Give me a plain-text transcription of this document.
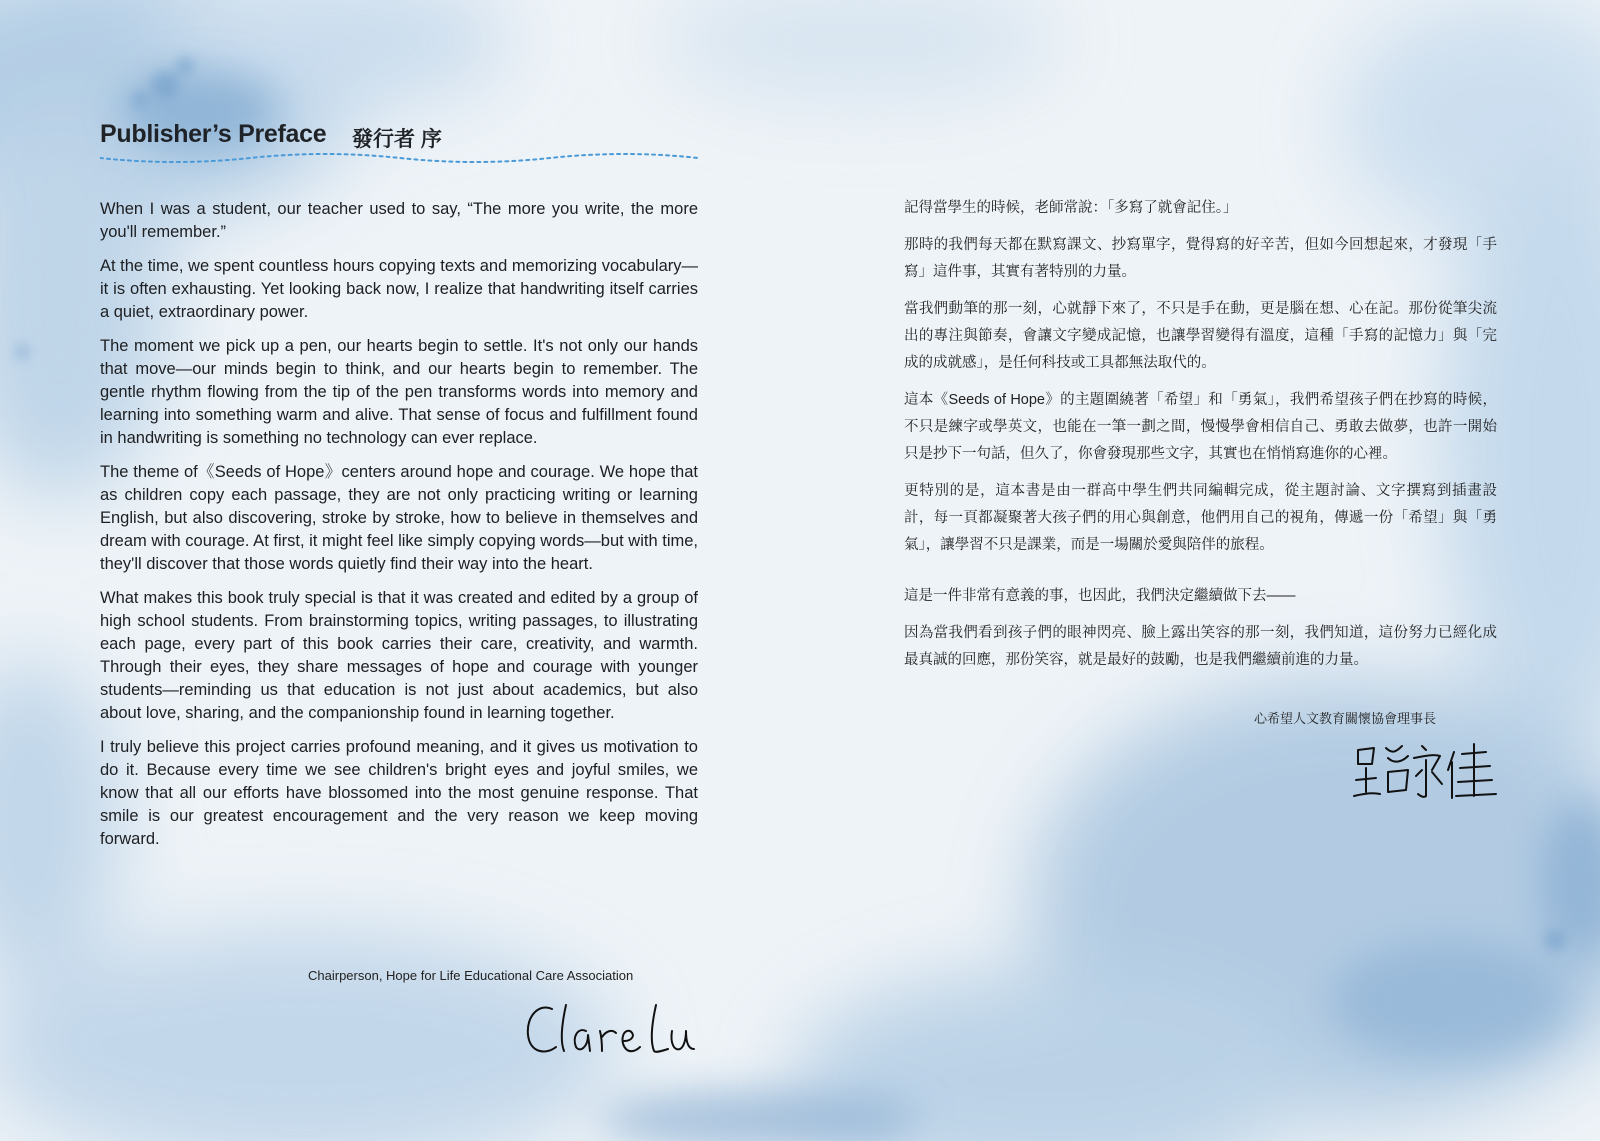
Publisher’s Preface 發行者 序

When I was a student, our teacher used to say, “The more you write, the more you'll remember.”

At the time, we spent countless hours copying texts and memorizing vocabulary—it is often exhausting. Yet looking back now, I realize that handwriting itself carries a quiet, extraordinary power.

The moment we pick up a pen, our hearts begin to settle. It's not only our hands that move—our minds begin to think, and our hearts begin to remember. The gentle rhythm flowing from the tip of the pen transforms words into memory and learning into something warm and alive. That sense of focus and fulfillment found in handwriting is something no technology can ever replace.

The theme of《Seeds of Hope》centers around hope and courage. We hope that as children copy each passage, they are not only practicing writing or learning English, but also discovering, stroke by stroke, how to believe in themselves and dream with courage. At first, it might feel like simply copying words—but with time, they'll discover that those words quietly find their way into the heart.

What makes this book truly special is that it was created and edited by a group of high school students. From brainstorming topics, writing passages, to illustrating each page, every part of this book carries their care, creativity, and warmth. Through their eyes, they share messages of hope and courage with younger students—reminding us that education is not just about academics, but also about love, sharing, and the companionship found in learning together.

I truly believe this project carries profound meaning, and it gives us motivation to do it. Because every time we see children's bright eyes and joyful smiles, we know that all our efforts have blossomed into the most genuine response. That smile is our greatest encouragement and the very reason we keep moving forward.

Chairperson, Hope for Life Educational Care Association

記得當學生的時候，老師常說：「多寫了就會記住。」

那時的我們每天都在默寫課文、抄寫單字，覺得寫的好辛苦，但如今回想起來，才發現「手寫」這件事，其實有著特別的力量。

當我們動筆的那一刻，心就靜下來了，不只是手在動，更是腦在想、心在記。那份從筆尖流出的專注與節奏，會讓文字變成記憶，也讓學習變得有溫度，這種「手寫的記憶力」與「完成的成就感」，是任何科技或工具都無法取代的。

這本《Seeds of Hope》的主題圍繞著「希望」和「勇氣」，我們希望孩子們在抄寫的時候，不只是練字或學英文，也能在一筆一劃之間，慢慢學會相信自己、勇敢去做夢，也許一開始只是抄下一句話，但久了，你會發現那些文字，其實也在悄悄寫進你的心裡。

更特別的是，這本書是由一群高中學生們共同編輯完成，從主題討論、文字撰寫到插畫設計，每一頁都凝聚著大孩子們的用心與創意，他們用自己的視角，傳遞一份「希望」與「勇氣」，讓學習不只是課業，而是一場關於愛與陪伴的旅程。

這是一件非常有意義的事，也因此，我們決定繼續做下去——

因為當我們看到孩子們的眼神閃亮、臉上露出笑容的那一刻，我們知道，這份努力已經化成最真誠的回應，那份笑容，就是最好的鼓勵，也是我們繼續前進的力量。

心希望人文教育關懷協會理事長
